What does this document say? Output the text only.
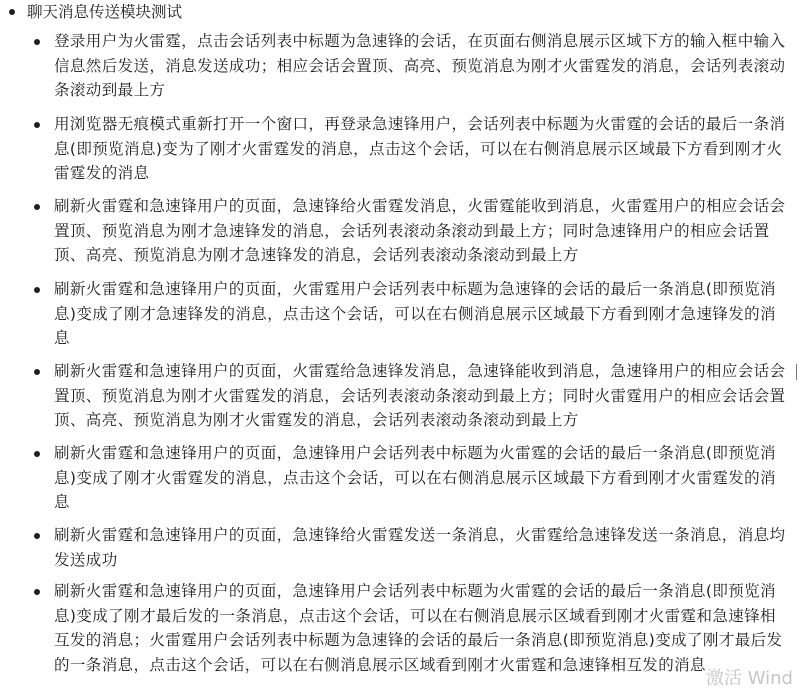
聊天消息传送模块测试
登录用户为火雷霆，点击会话列表中标题为急速锋的会话，在页面右侧消息展示区域下方的输入框中输入
信息然后发送，消息发送成功；相应会话会置顶、高亮、预览消息为刚才火雷霆发的消息，会话列表滚动
条滚动到最上方
用浏览器无痕模式重新打开一个窗口，再登录急速锋用户，会话列表中标题为火雷霆的会话的最后一条消
息(即预览消息)变为了刚才火雷霆发的消息，点击这个会话，可以在右侧消息展示区域最下方看到刚才火
雷霆发的消息
刷新火雷霆和急速锋用户的页面，急速锋给火雷霆发消息，火雷霆能收到消息，火雷霆用户的相应会话会
置顶、预览消息为刚才急速锋发的消息，会话列表滚动条滚动到最上方；同时急速锋用户的相应会话置
顶、高亮、预览消息为刚才急速锋发的消息，会话列表滚动条滚动到最上方
刷新火雷霆和急速锋用户的页面，火雷霆用户会话列表中标题为急速锋的会话的最后一条消息(即预览消
息)变成了刚才急速锋发的消息，点击这个会话，可以在右侧消息展示区域最下方看到刚才急速锋发的消
息
刷新火雷霆和急速锋用户的页面，火雷霆给急速锋发消息，急速锋能收到消息，急速锋用户的相应会话会
置顶、预览消息为刚才火雷霆发的消息，会话列表滚动条滚动到最上方；同时火雷霆用户的相应会话会置
顶、高亮、预览消息为刚才火雷霆发的消息，会话列表滚动条滚动到最上方
刷新火雷霆和急速锋用户的页面，急速锋用户会话列表中标题为火雷霆的会话的最后一条消息(即预览消
息)变成了刚才火雷霆发的消息，点击这个会话，可以在右侧消息展示区域最下方看到刚才火雷霆发的消
息
刷新火雷霆和急速锋用户的页面，急速锋给火雷霆发送一条消息，火雷霆给急速锋发送一条消息，消息均
发送成功
刷新火雷霆和急速锋用户的页面，急速锋用户会话列表中标题为火雷霆的会话的最后一条消息(即预览消
息)变成了刚才最后发的一条消息，点击这个会话，可以在右侧消息展示区域看到刚才火雷霆和急速锋相
互发的消息；火雷霆用户会话列表中标题为急速锋的会话的最后一条消息(即预览消息)变成了刚才最后发
的一条消息，点击这个会话，可以在右侧消息展示区域看到刚才火雷霆和急速锋相互发的消息
激活 Wind
